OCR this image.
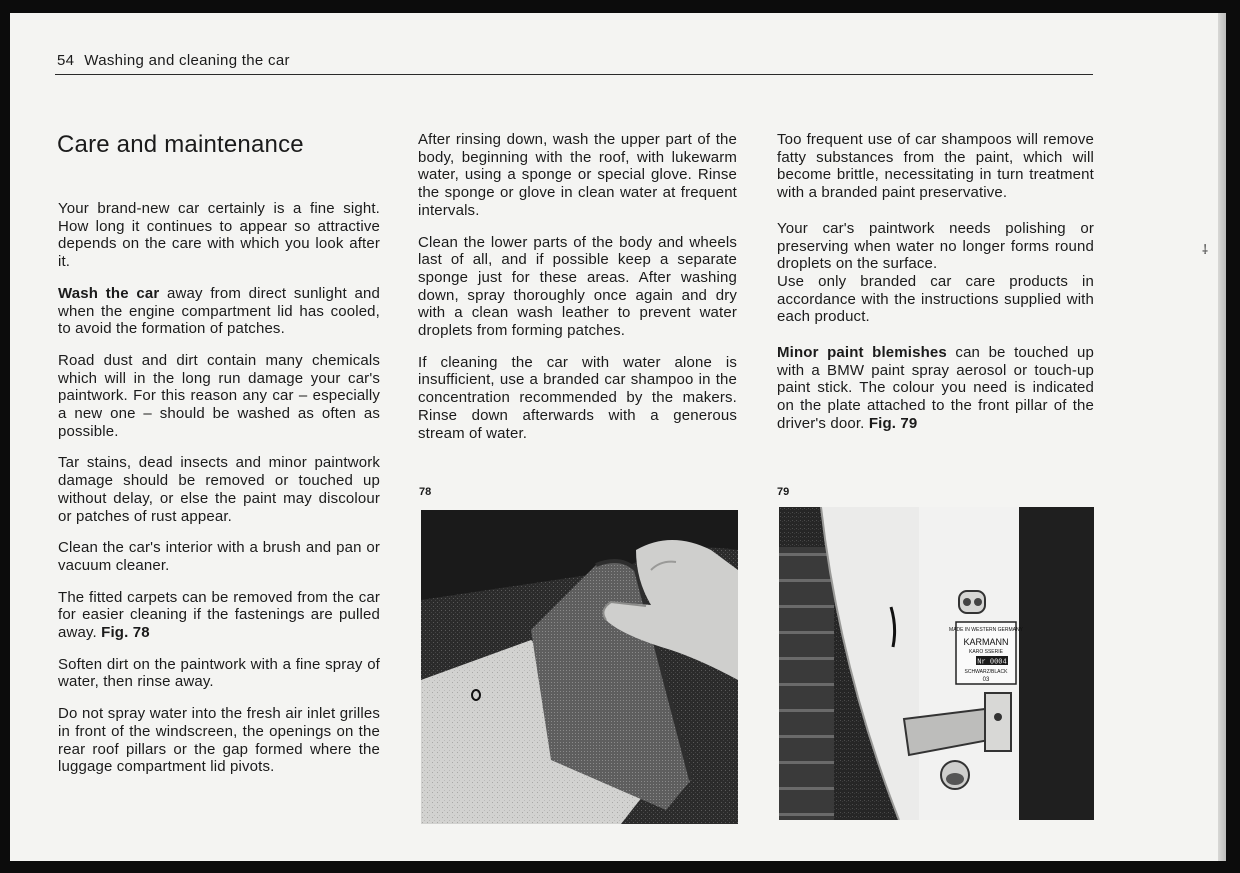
54 Washing and cleaning the car
Care and maintenance

Your brand-new car certainly is a fine sight. How long it continues to appear so attractive depends on the care with which you look after it.

Wash the car away from direct sunlight and when the engine compartment lid has cooled, to avoid the formation of patches.

Road dust and dirt contain many chemicals which will in the long run damage your car's paintwork. For this reason any car – especially a new one – should be washed as often as possible.

Tar stains, dead insects and minor paintwork damage should be removed or touched up without delay, or else the paint may discolour or patches of rust appear.

Clean the car's interior with a brush and pan or vacuum cleaner.

The fitted carpets can be removed from the car for easier cleaning if the fastenings are pulled away. Fig. 78

Soften dirt on the paintwork with a fine spray of water, then rinse away.

Do not spray water into the fresh air inlet grilles in front of the windscreen, the openings on the rear roof pillars or the gap formed where the luggage compartment lid pivots.

After rinsing down, wash the upper part of the body, beginning with the roof, with lukewarm water, using a sponge or special glove. Rinse the sponge or glove in clean water at frequent intervals.

Clean the lower parts of the body and wheels last of all, and if possible keep a separate sponge just for these areas. After washing down, spray thoroughly once again and dry with a clean wash leather to prevent water droplets from forming patches.

If cleaning the car with water alone is insufficient, use a branded car shampoo in the concentration recommended by the makers. Rinse down afterwards with a generous stream of water.

78

Too frequent use of car shampoos will remove fatty substances from the paint, which will become brittle, necessitating in turn treatment with a branded paint preservative.

Your car's paintwork needs polishing or preserving when water no longer forms round droplets on the surface.

Use only branded car care products in accordance with the instructions supplied with each product.

Minor paint blemishes can be touched up with a BMW paint spray aerosol or touch-up paint stick. The colour you need is indicated on the plate attached to the front pillar of the driver's door. Fig. 79

79
MADE IN WESTERN GERMANY
KARMANN
KARO SSERIE
Nr 0004
SCHWARZ/BLACK
03
⸸
